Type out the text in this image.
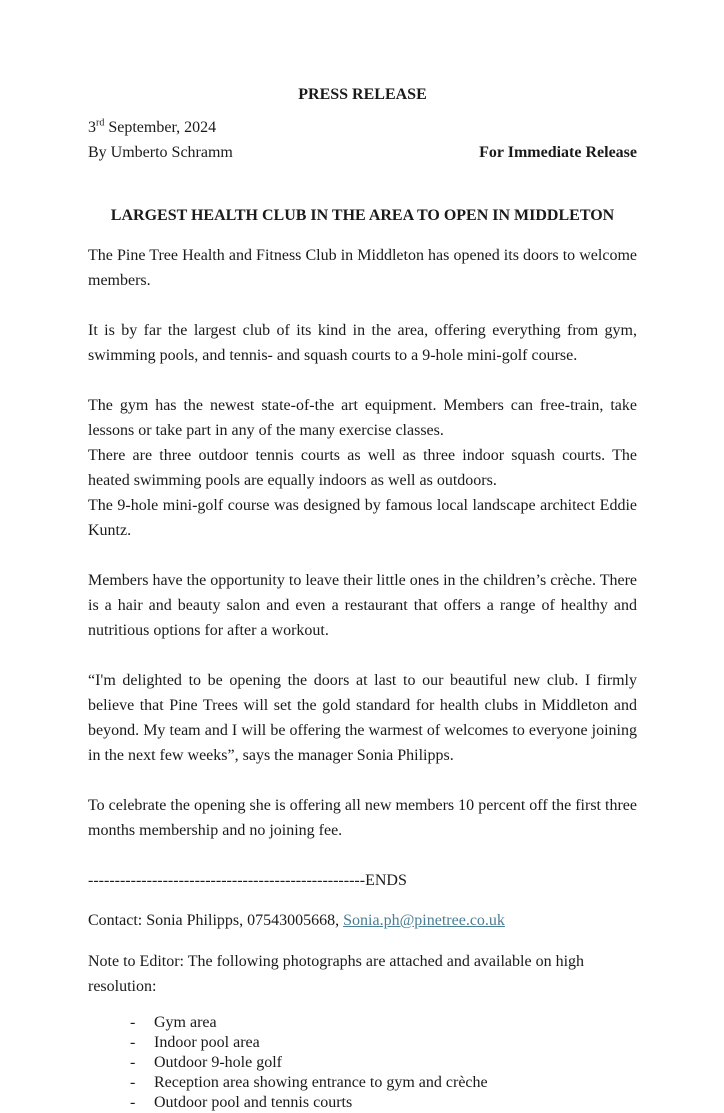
PRESS RELEASE

3rd September, 2024

By Umberto Schramm	For Immediate Release

LARGEST HEALTH CLUB IN THE AREA TO OPEN IN MIDDLETON

The Pine Tree Health and Fitness Club in Middleton has opened its doors to welcome members.

It is by far the largest club of its kind in the area, offering everything from gym, swimming pools, and tennis- and squash courts to a 9-hole mini-golf course.

The gym has the newest state-of-the art equipment. Members can free-train, take lessons or take part in any of the many exercise classes.

There are three outdoor tennis courts as well as three indoor squash courts. The heated swimming pools are equally indoors as well as outdoors.

The 9-hole mini-golf course was designed by famous local landscape architect Eddie Kuntz.

Members have the opportunity to leave their little ones in the children’s crèche. There is a hair and beauty salon and even a restaurant that offers a range of healthy and nutritious options for after a workout.

“I'm delighted to be opening the doors at last to our beautiful new club. I firmly believe that Pine Trees will set the gold standard for health clubs in Middleton and beyond. My team and I will be offering the warmest of welcomes to everyone joining in the next few weeks”, says the manager Sonia Philipps.

To celebrate the opening she is offering all new members 10 percent off the first three months membership and no joining fee.

----------------------------------------------------ENDS

Contact: Sonia Philipps, 07543005668, Sonia.ph@pinetree.co.uk

Note to Editor: The following photographs are attached and available on high resolution:

-	Gym area
-	Indoor pool area
-	Outdoor 9-hole golf
-	Reception area showing entrance to gym and crèche
-	Outdoor pool and tennis courts
